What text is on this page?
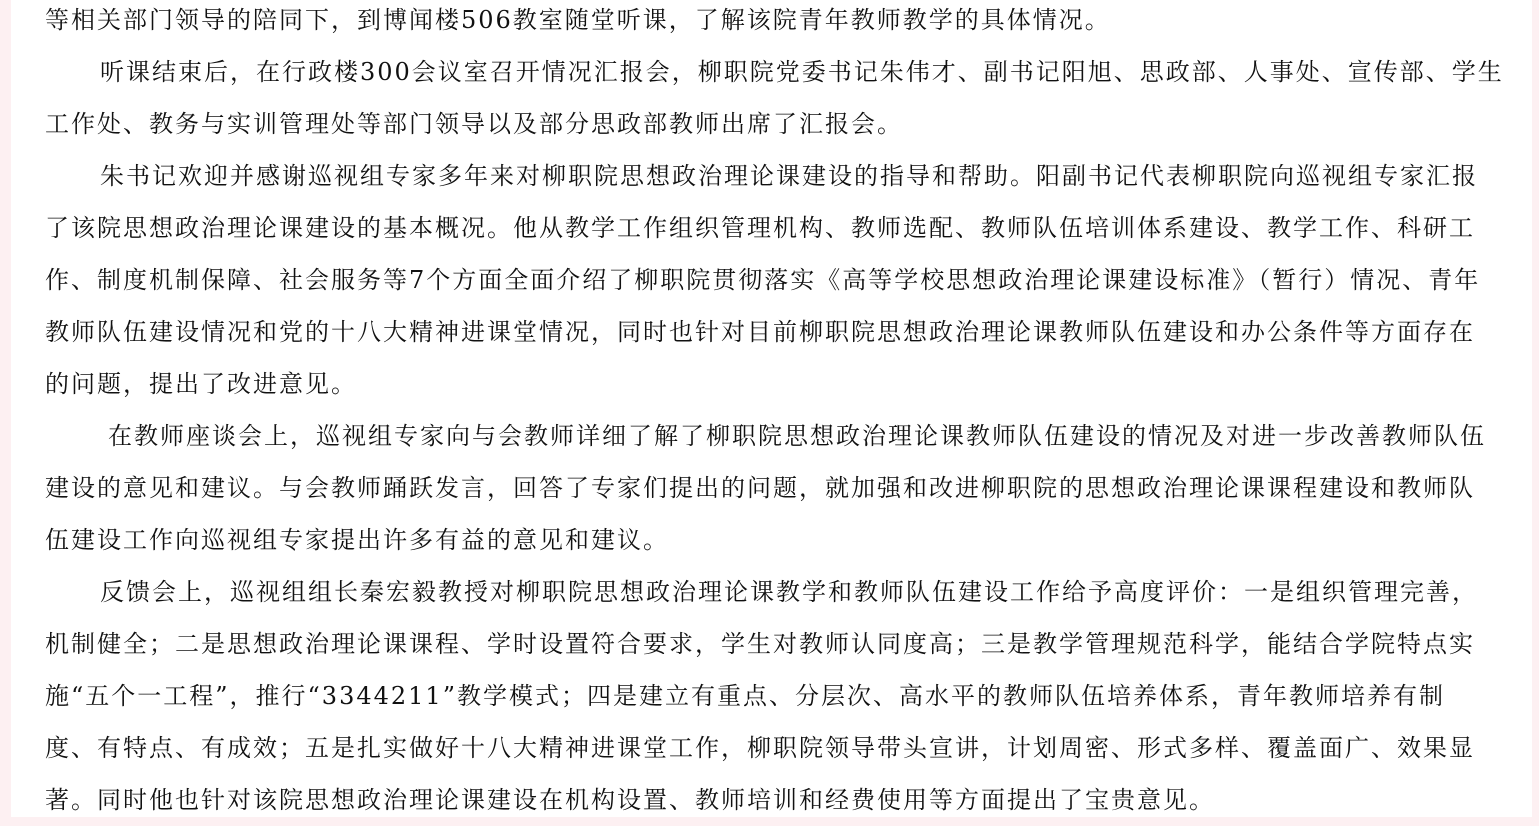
等相关部门领导的陪同下，到博闻楼506教室随堂听课，了解该院青年教师教学的具体情况。
听课结束后，在行政楼300会议室召开情况汇报会，柳职院党委书记朱伟才、副书记阳旭、思政部、人事处、宣传部、学生
工作处、教务与实训管理处等部门领导以及部分思政部教师出席了汇报会。
朱书记欢迎并感谢巡视组专家多年来对柳职院思想政治理论课建设的指导和帮助。阳副书记代表柳职院向巡视组专家汇报
了该院思想政治理论课建设的基本概况。他从教学工作组织管理机构、教师选配、教师队伍培训体系建设、教学工作、科研工
作、制度机制保障、社会服务等7个方面全面介绍了柳职院贯彻落实《高等学校思想政治理论课建设标准》（暂行）情况、青年
教师队伍建设情况和党的十八大精神进课堂情况，同时也针对目前柳职院思想政治理论课教师队伍建设和办公条件等方面存在
的问题，提出了改进意见。
在教师座谈会上，巡视组专家向与会教师详细了解了柳职院思想政治理论课教师队伍建设的情况及对进一步改善教师队伍
建设的意见和建议。与会教师踊跃发言，回答了专家们提出的问题，就加强和改进柳职院的思想政治理论课课程建设和教师队
伍建设工作向巡视组专家提出许多有益的意见和建议。
反馈会上，巡视组组长秦宏毅教授对柳职院思想政治理论课教学和教师队伍建设工作给予高度评价：一是组织管理完善，
机制健全；二是思想政治理论课课程、学时设置符合要求，学生对教师认同度高；三是教学管理规范科学，能结合学院特点实
施“五个一工程”，推行“3344211”教学模式；四是建立有重点、分层次、高水平的教师队伍培养体系，青年教师培养有制
度、有特点、有成效；五是扎实做好十八大精神进课堂工作，柳职院领导带头宣讲，计划周密、形式多样、覆盖面广、效果显
著。同时他也针对该院思想政治理论课建设在机构设置、教师培训和经费使用等方面提出了宝贵意见。
